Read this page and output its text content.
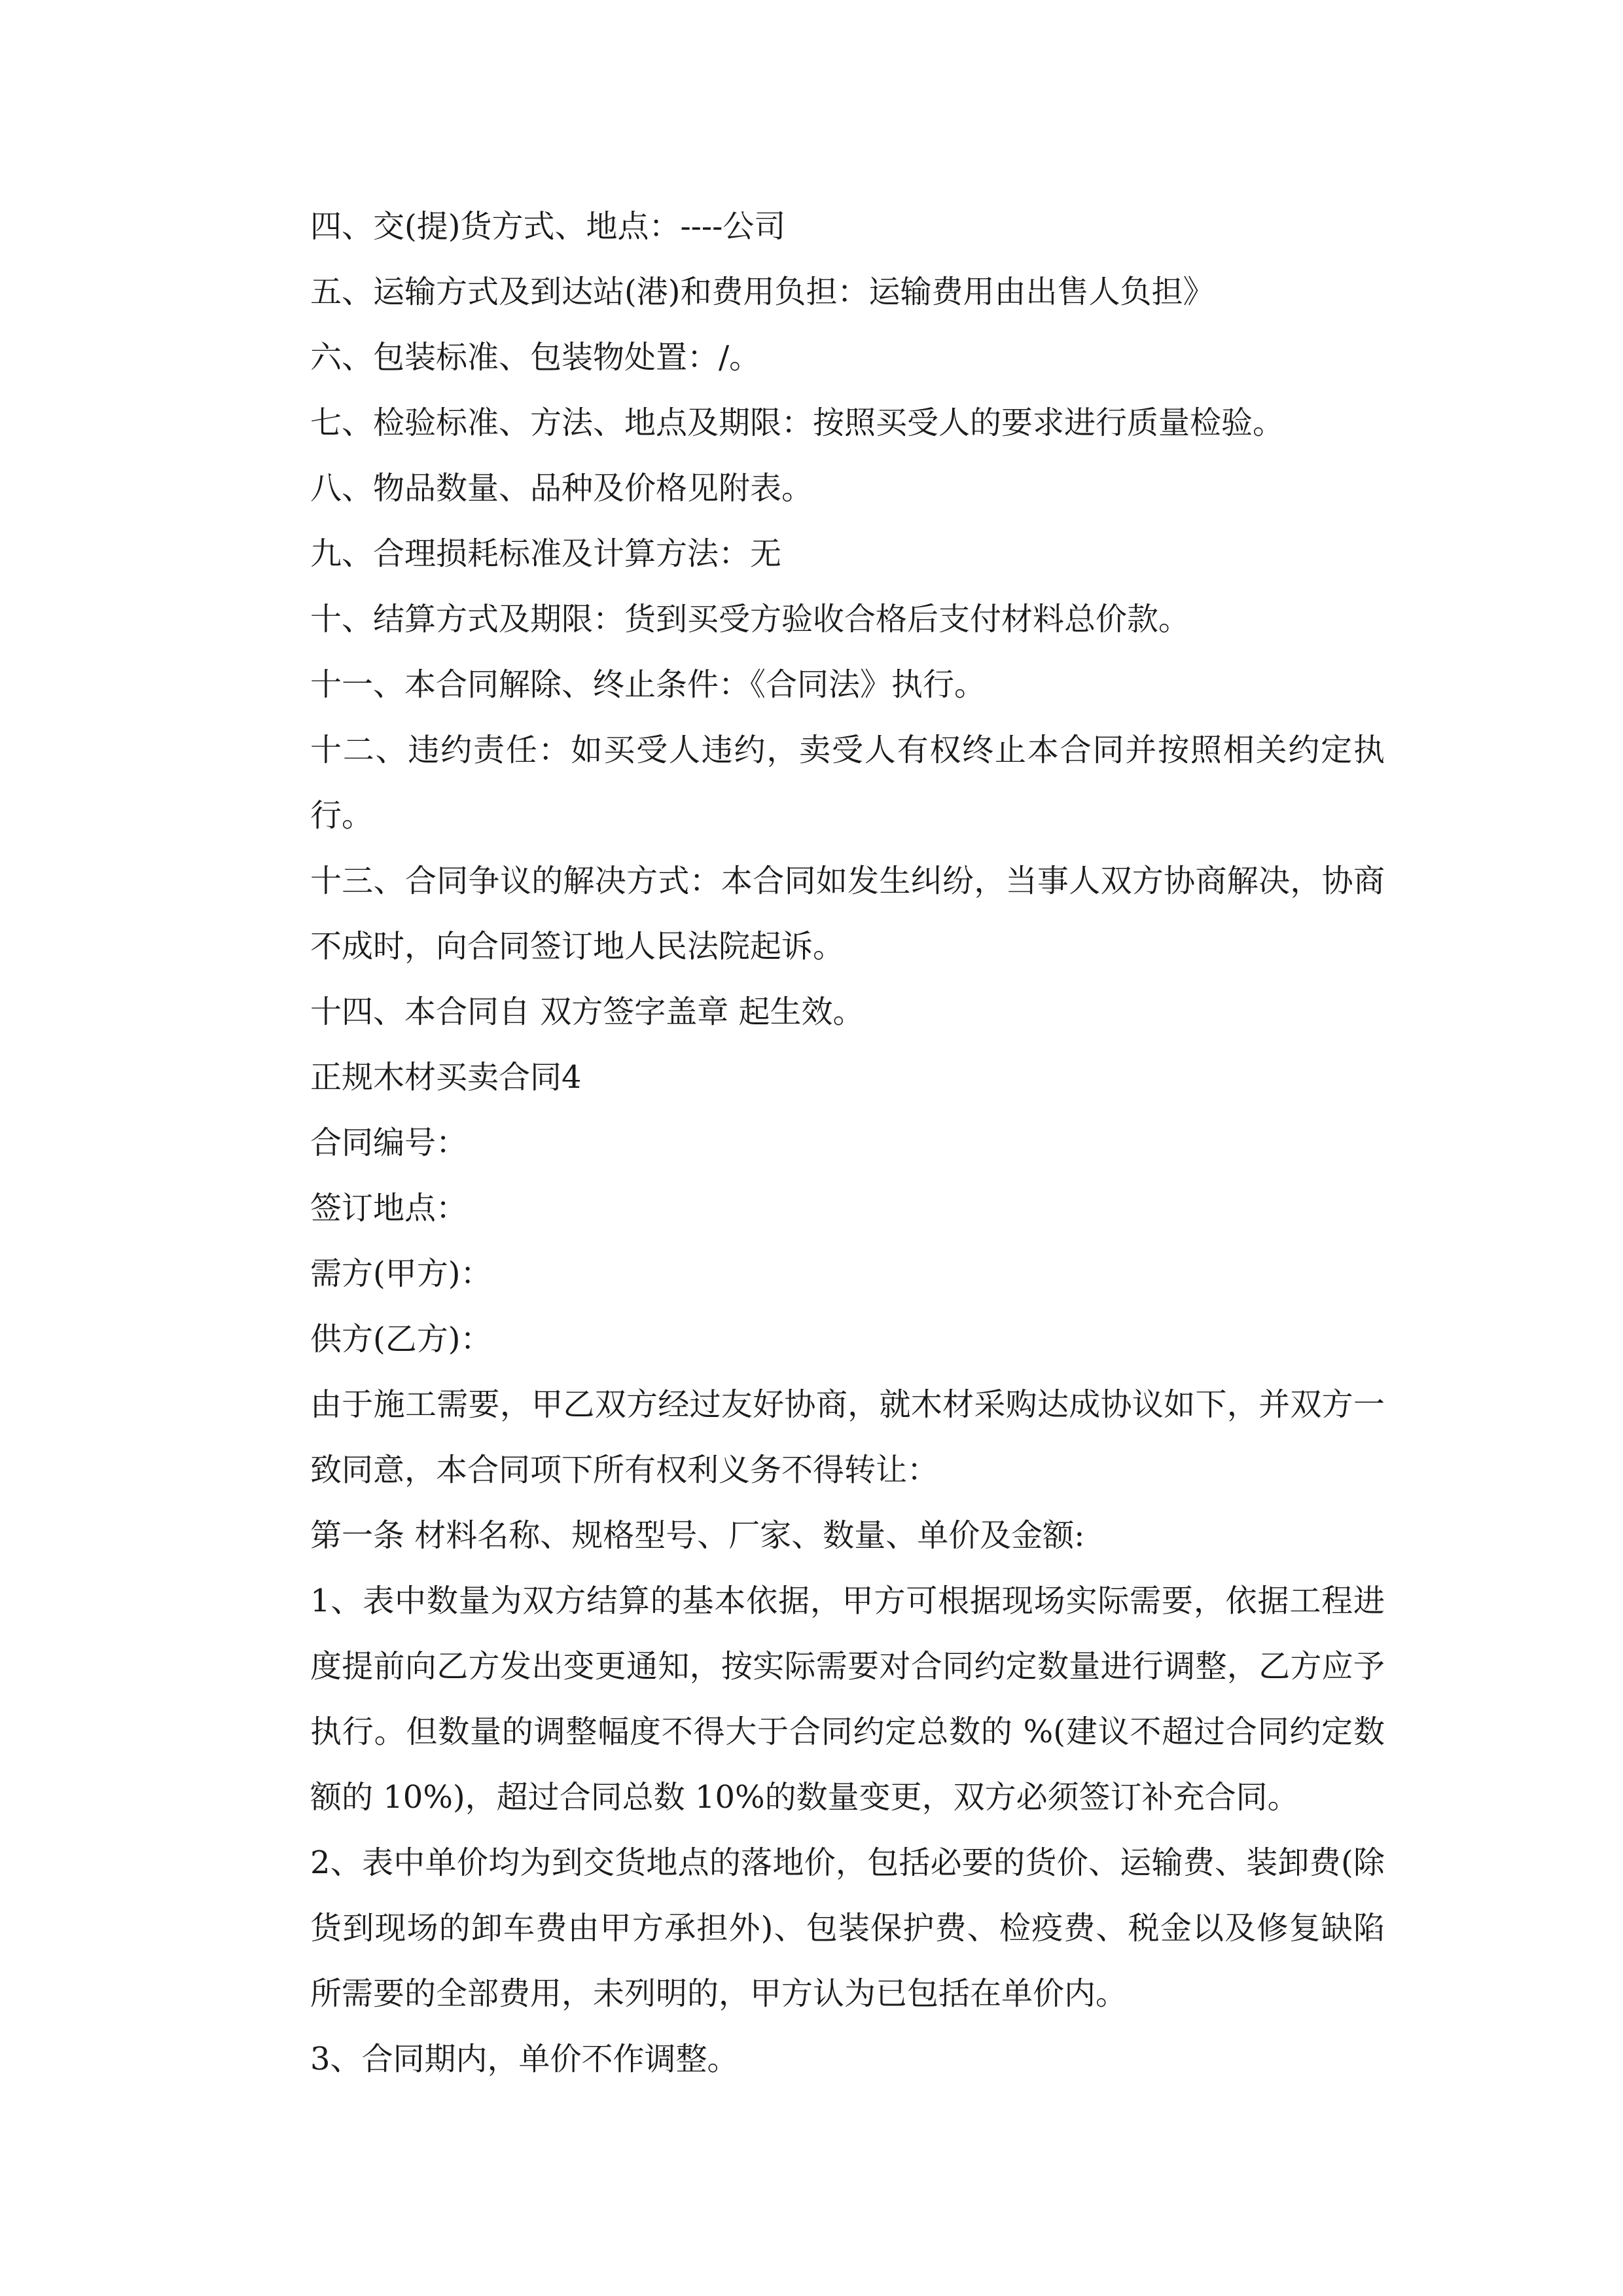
四、交(提)货方式、地点：----公司
五、运输方式及到达站(港)和费用负担：运输费用由出售人负担》
六、包装标准、包装物处置：/。
七、检验标准、方法、地点及期限：按照买受人的要求进行质量检验。
八、物品数量、品种及价格见附表。
九、合理损耗标准及计算方法：无
十、结算方式及期限：货到买受方验收合格后支付材料总价款。
十一、本合同解除、终止条件：《合同法》执行。
十二、违约责任：如买受人违约，卖受人有权终止本合同并按照相关约定执行。
十三、合同争议的解决方式：本合同如发生纠纷，当事人双方协商解决，协商不成时，向合同签订地人民法院起诉。
十四、本合同自 双方签字盖章 起生效。
正规木材买卖合同4
合同编号：
签订地点：
需方(甲方)：
供方(乙方)：
由于施工需要，甲乙双方经过友好协商，就木材采购达成协议如下，并双方一致同意，本合同项下所有权利义务不得转让：
第一条 材料名称、规格型号、厂家、数量、单价及金额:
1、表中数量为双方结算的基本依据，甲方可根据现场实际需要，依据工程进度提前向乙方发出变更通知，按实际需要对合同约定数量进行调整，乙方应予执行。但数量的调整幅度不得大于合同约定总数的 %(建议不超过合同约定数额的 10%)，超过合同总数 10%的数量变更，双方必须签订补充合同。
2、表中单价均为到交货地点的落地价，包括必要的货价、运输费、装卸费(除货到现场的卸车费由甲方承担外)、包装保护费、检疫费、税金以及修复缺陷所需要的全部费用，未列明的，甲方认为已包括在单价内。
3、合同期内，单价不作调整。
